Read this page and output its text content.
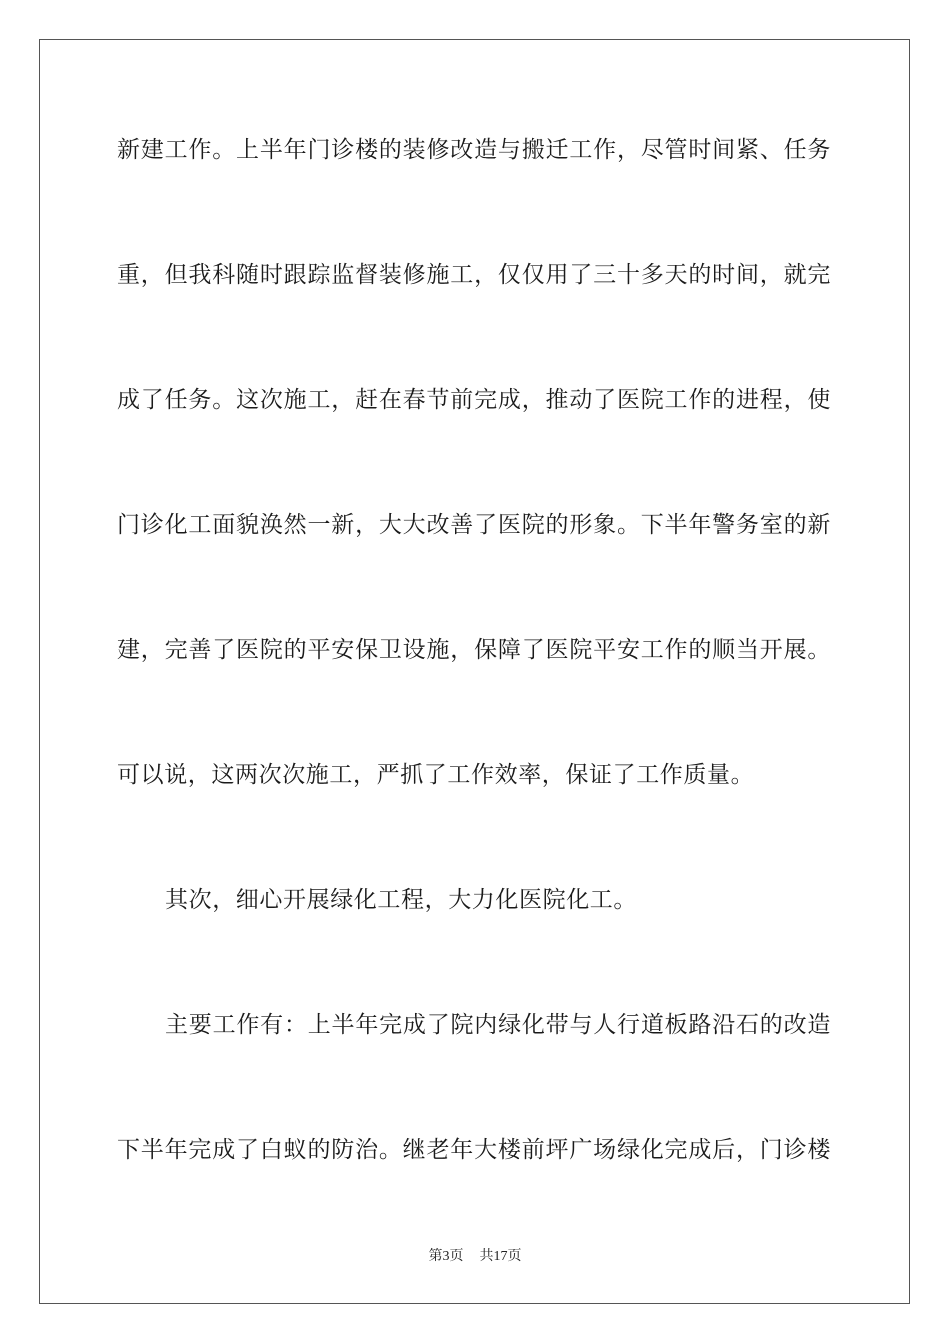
新建工作。上半年门诊楼的装修改造与搬迁工作，尽管时间紧、任务
重，但我科随时跟踪监督装修施工，仅仅用了三十多天的时间，就完
成了任务。这次施工，赶在春节前完成，推动了医院工作的进程，使
门诊化工面貌涣然一新，大大改善了医院的形象。下半年警务室的新
建，完善了医院的平安保卫设施，保障了医院平安工作的顺当开展。
可以说，这两次次施工，严抓了工作效率，保证了工作质量。
其次，细心开展绿化工程，大力化医院化工。
主要工作有：上半年完成了院内绿化带与人行道板路沿石的改造
下半年完成了白蚁的防治。继老年大楼前坪广场绿化完成后，门诊楼
第3页 共17页
